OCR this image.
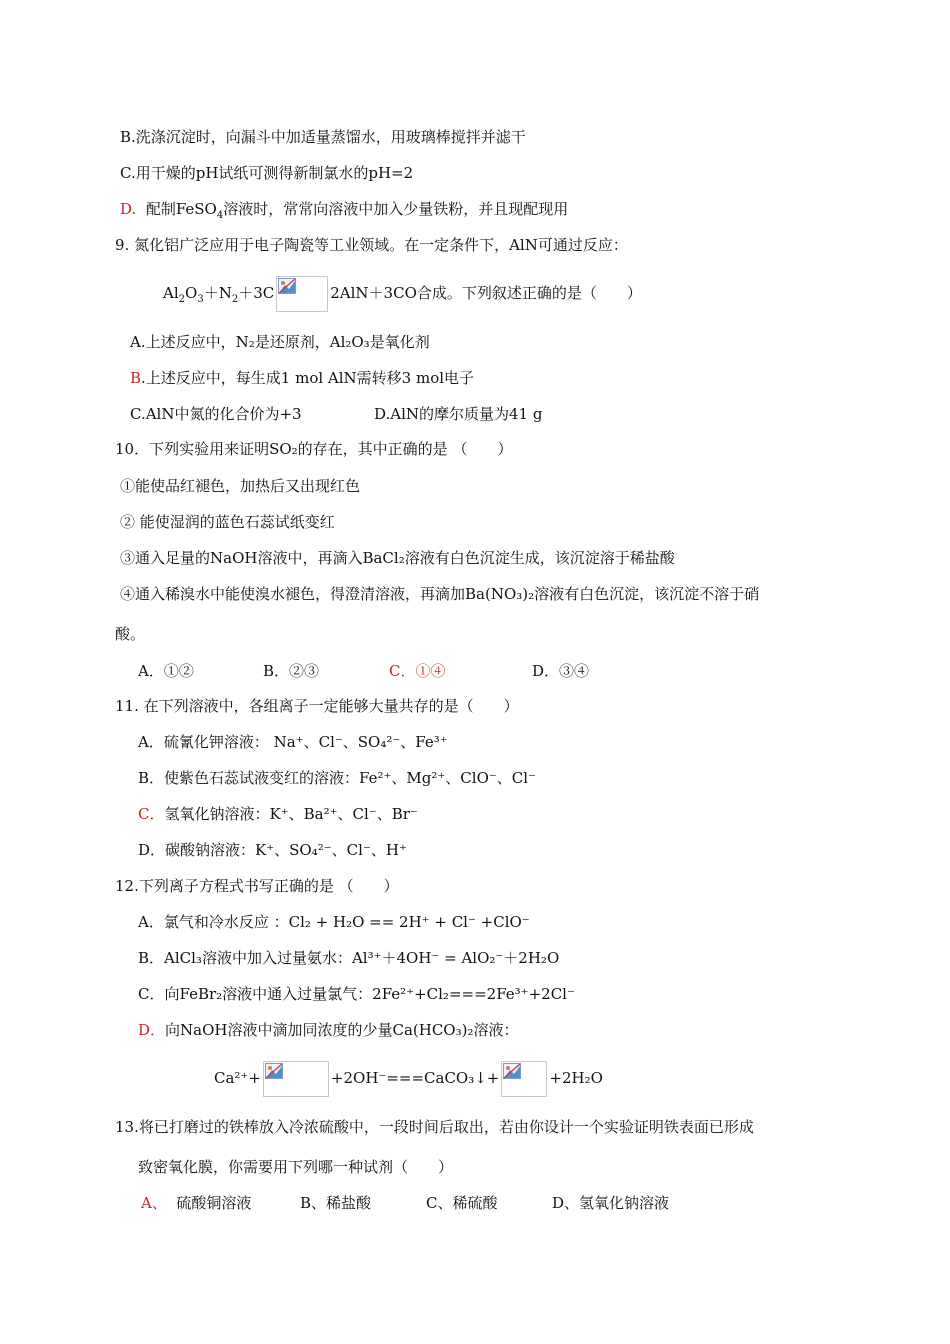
B.洗涤沉淀时，向漏斗中加适量蒸馏水，用玻璃棒搅拌并滤干
C.用干燥的pH试纸可测得新制氯水的pH=2
D. 配制FeSO$_4$溶液时，常常向溶液中加入少量铁粉，并且现配现用
9. 氮化铝广泛应用于电子陶瓷等工业领域。在一定条件下，AlN可通过反应：
$Al_2O_3+N_2+3C$	2AlN＋3CO合成。下列叙述正确的是（　　）
A.上述反应中，N₂是还原剂，Al₂O₃是氧化剂
B.上述反应中，每生成1 mol AlN需转移3 mol电子
C.AlN中氮的化合价为+3	D.AlN的摩尔质量为41 g
10．下列实验用来证明SO₂的存在，其中正确的是 （　　）
①能使品红褪色，加热后又出现红色
② 能使湿润的蓝色石蕊试纸变红
③通入足量的NaOH溶液中，再滴入BaCl₂溶液有白色沉淀生成，该沉淀溶于稀盐酸
④通入稀溴水中能使溴水褪色，得澄清溶液，再滴加Ba(NO₃)₂溶液有白色沉淀，该沉淀不溶于硝
酸。
A．①②	B．②③	C．①④	D．③④
11. 在下列溶液中，各组离子一定能够大量共存的是（　　）
A．硫氰化钾溶液： Na⁺、Cl⁻、SO₄²⁻、Fe³⁺
B．使紫色石蕊试液变红的溶液：Fe²⁺、Mg²⁺、ClO⁻、Cl⁻
C．氢氧化钠溶液：K⁺、Ba²⁺、Cl⁻、Br⁻
D．碳酸钠溶液：K⁺、SO₄²⁻、Cl⁻、H⁺
12.下列离子方程式书写正确的是 （　　）
A．氯气和冷水反应 ：Cl₂ + H₂O == 2H⁺ + Cl⁻ +ClO⁻
B．AlCl₃溶液中加入过量氨水：Al³⁺＋4OH⁻ = AlO₂⁻＋2H₂O
C．向FeBr₂溶液中通入过量氯气：2Fe²⁺+Cl₂===2Fe³⁺+2Cl⁻
D．向NaOH溶液中滴加同浓度的少量Ca(HCO₃)₂溶液：
Ca²⁺+	+2OH⁻===CaCO₃↓+	+2H₂O
13.将已打磨过的铁棒放入冷浓硫酸中，一段时间后取出，若由你设计一个实验证明铁表面已形成
致密氧化膜，你需要用下列哪一种试剂（　　）
A、 硫酸铜溶液	B、稀盐酸	C、稀硫酸	D、氢氧化钠溶液
